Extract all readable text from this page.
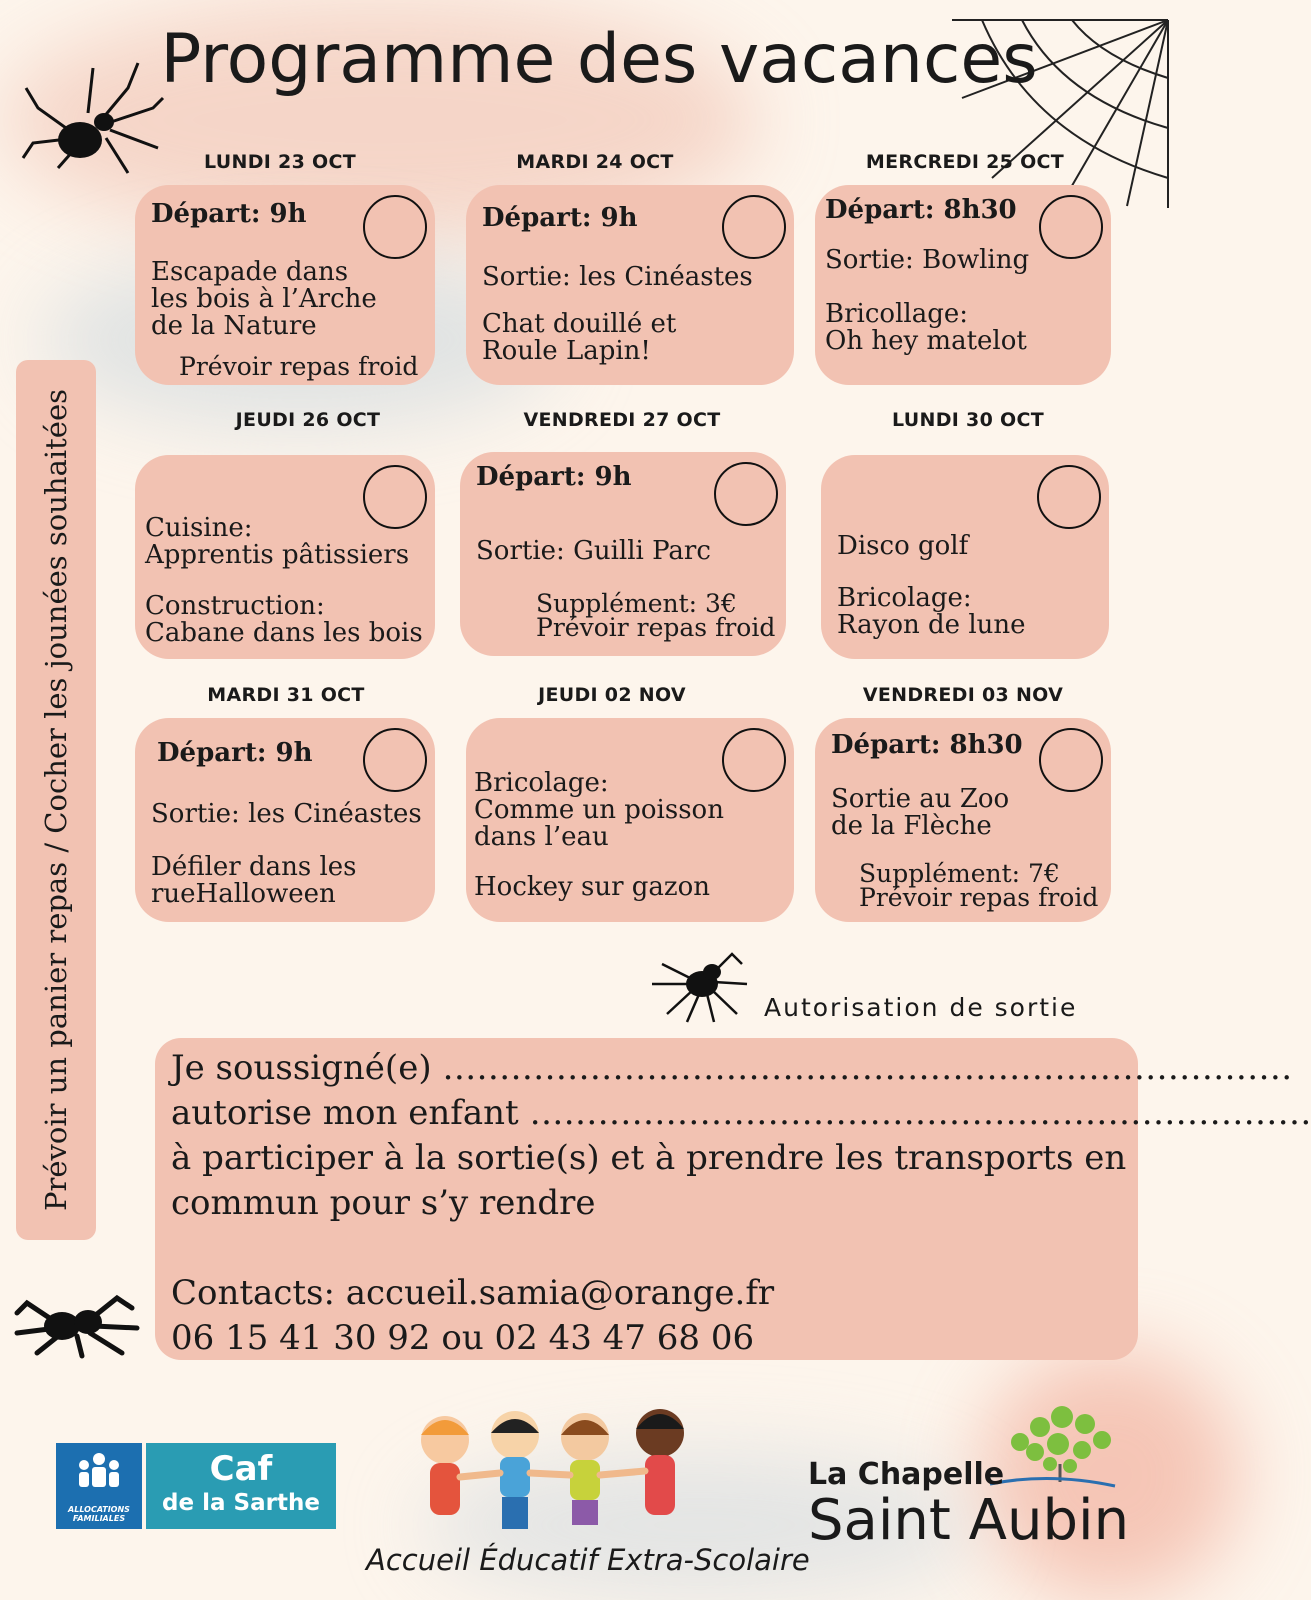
Programme des vacances
LUNDI 23 OCT
Départ: 9h
Escapade dans
les bois à l’Arche
de la Nature
Prévoir repas froid
MARDI 24 OCT
Départ: 9h
Sortie: les Cinéastes
Chat douillé et
Roule Lapin!
MERCREDI 25 OCT
Départ: 8h30
Sortie: Bowling
Bricollage:
Oh hey matelot
JEUDI 26 OCT
Cuisine:
Apprentis pâtissiers
Construction:
Cabane dans les bois
VENDREDI 27 OCT
Départ: 9h
Sortie: Guilli Parc
Supplément: 3€
Prévoir repas froid
LUNDI 30 OCT
Disco golf
Bricolage:
Rayon de lune
MARDI 31 OCT
Départ: 9h
Sortie: les Cinéastes
Défiler dans les
rueHalloween
JEUDI 02 NOV
Bricolage:
Comme un poisson
dans l’eau
Hockey sur gazon
VENDREDI 03 NOV
Départ: 8h30
Sortie au Zoo
de la Flèche
Supplément: 7€
Prévoir repas froid
Prévoir un panier repas / Cocher les jounées souhaitées	Autorisation de sortie
Je soussigné(e) …………………………………………………………………
autorise mon enfant ……………………………………………………………
à participer à la sortie(s) et à prendre les transports en
commun pour s’y rendre
Contacts: accueil.samia@orange.fr
06 15 41 30 92 ou 02 43 47 68 06
ALLOCATIONS FAMILIALES
Caf
de la Sarthe
Accueil Éducatif Extra-Scolaire
La Chapelle
Saint Aubin
